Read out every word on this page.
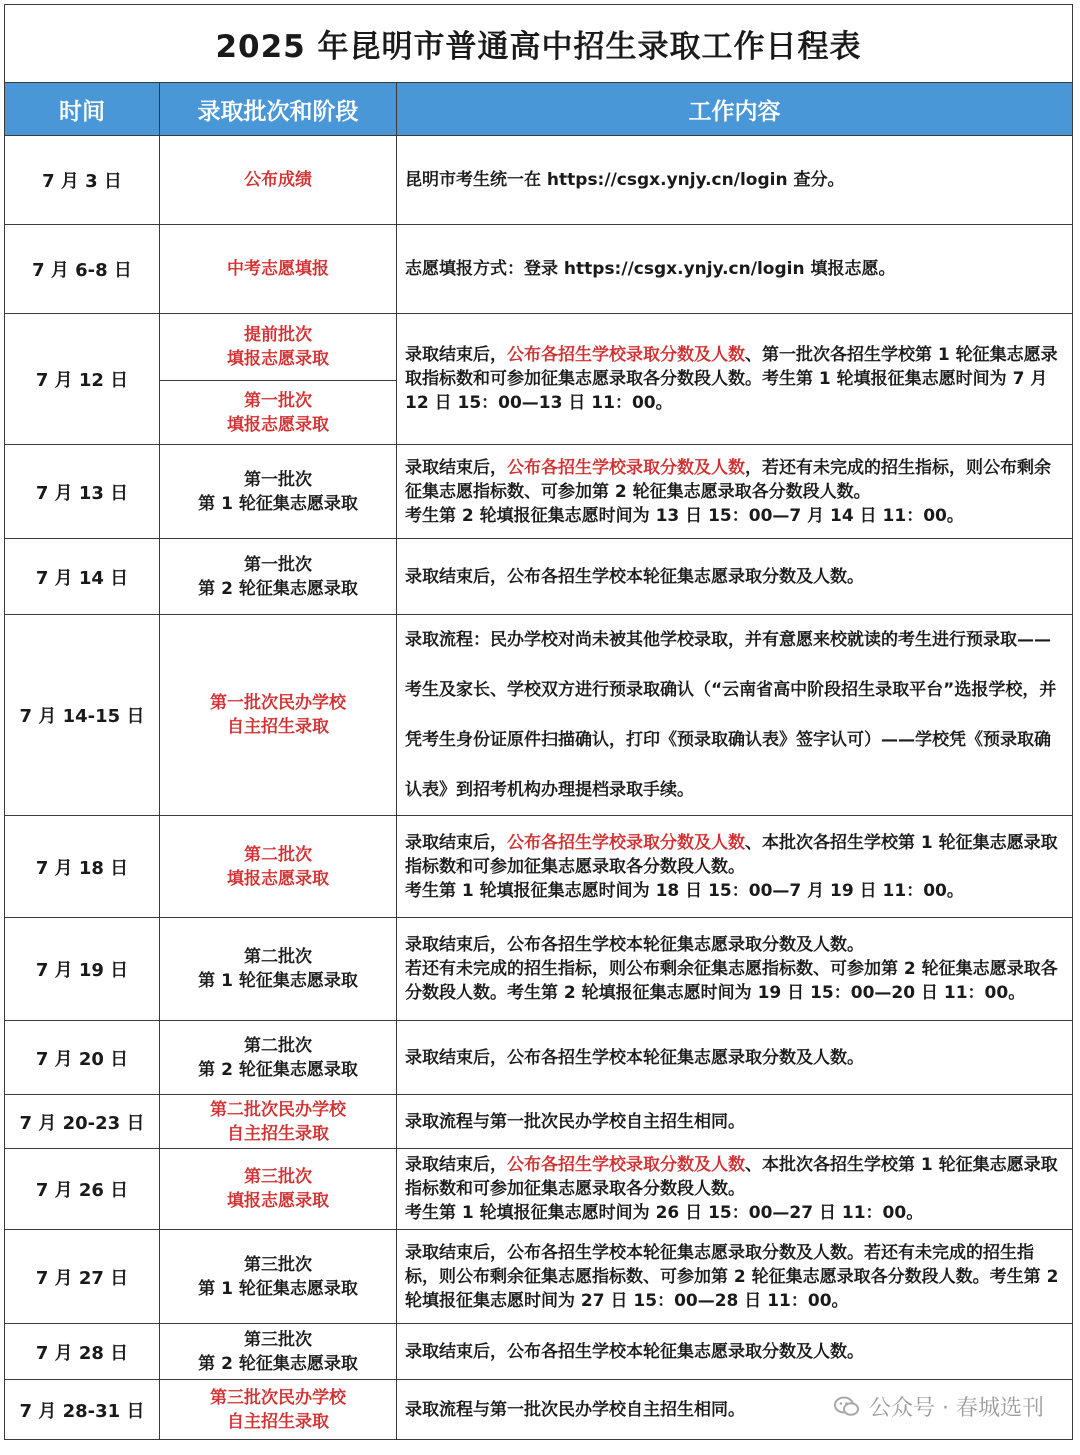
2025 年昆明市普通高中招生录取工作日程表		
时间	录取批次和阶段	工作内容
7 月 3 日	公布成绩	昆明市考生统一在 https://csgx.ynjy.cn/login 查分。
7 月 6-8 日	中考志愿填报	志愿填报方式：登录 https://csgx.ynjy.cn/login 填报志愿。
7 月 12 日	提前批次
填报志愿录取	录取结束后，公布各招生学校录取分数及人数、第一批次各招生学校第 1 轮征集志愿录取指标数和可参加征集志愿录取各分数段人数。考生第 1 轮填报征集志愿时间为 7 月 12 日 15：00—13 日 11：00。

	第一批次
填报志愿录取	

7 月 13 日	第一批次
第 1 轮征集志愿录取	录取结束后，公布各招生学校录取分数及人数，若还有未完成的招生指标，则公布剩余征集志愿指标数、可参加第 2 轮征集志愿录取各分数段人数。
考生第 2 轮填报征集志愿时间为 13 日 15：00—7 月 14 日 11：00。

7 月 14 日	第一批次
第 2 轮征集志愿录取	录取结束后，公布各招生学校本轮征集志愿录取分数及人数。
7 月 14-15 日	第一批次民办学校
自主招生录取	录取流程：民办学校对尚未被其他学校录取，并有意愿来校就读的考生进行预录取——考生及家长、学校双方进行预录取确认（“云南省高中阶段招生录取平台”选报学校，并凭考生身份证原件扫描确认，打印《预录取确认表》签字认可）——学校凭《预录取确认表》到招考机构办理提档录取手续。
7 月 18 日	第二批次
填报志愿录取	录取结束后，公布各招生学校录取分数及人数、本批次各招生学校第 1 轮征集志愿录取指标数和可参加征集志愿录取各分数段人数。
考生第 1 轮填报征集志愿时间为 18 日 15：00—7 月 19 日 11：00。

7 月 19 日	第二批次
第 1 轮征集志愿录取	录取结束后，公布各招生学校本轮征集志愿录取分数及人数。
若还有未完成的招生指标，则公布剩余征集志愿指标数、可参加第 2 轮征集志愿录取各分数段人数。考生第 2 轮填报征集志愿时间为 19 日 15：00—20 日 11：00。
7 月 20 日	第二批次
第 2 轮征集志愿录取	录取结束后，公布各招生学校本轮征集志愿录取分数及人数。
7 月 20-23 日	第二批次民办学校
自主招生录取	录取流程与第一批次民办学校自主招生相同。
7 月 26 日	第三批次
填报志愿录取	录取结束后，公布各招生学校录取分数及人数、本批次各招生学校第 1 轮征集志愿录取指标数和可参加征集志愿录取各分数段人数。
考生第 1 轮填报征集志愿时间为 26 日 15：00—27 日 11：00。

7 月 27 日	第三批次
第 1 轮征集志愿录取	录取结束后，公布各招生学校本轮征集志愿录取分数及人数。若还有未完成的招生指标，则公布剩余征集志愿指标数、可参加第 2 轮征集志愿录取各分数段人数。考生第 2 轮填报征集志愿时间为 27 日 15：00—28 日 11：00。
7 月 28 日	第三批次
第 2 轮征集志愿录取	录取结束后，公布各招生学校本轮征集志愿录取分数及人数。
7 月 28-31 日	第三批次民办学校
自主招生录取	录取流程与第一批次民办学校自主招生相同。	公众号 · 春城选刊
